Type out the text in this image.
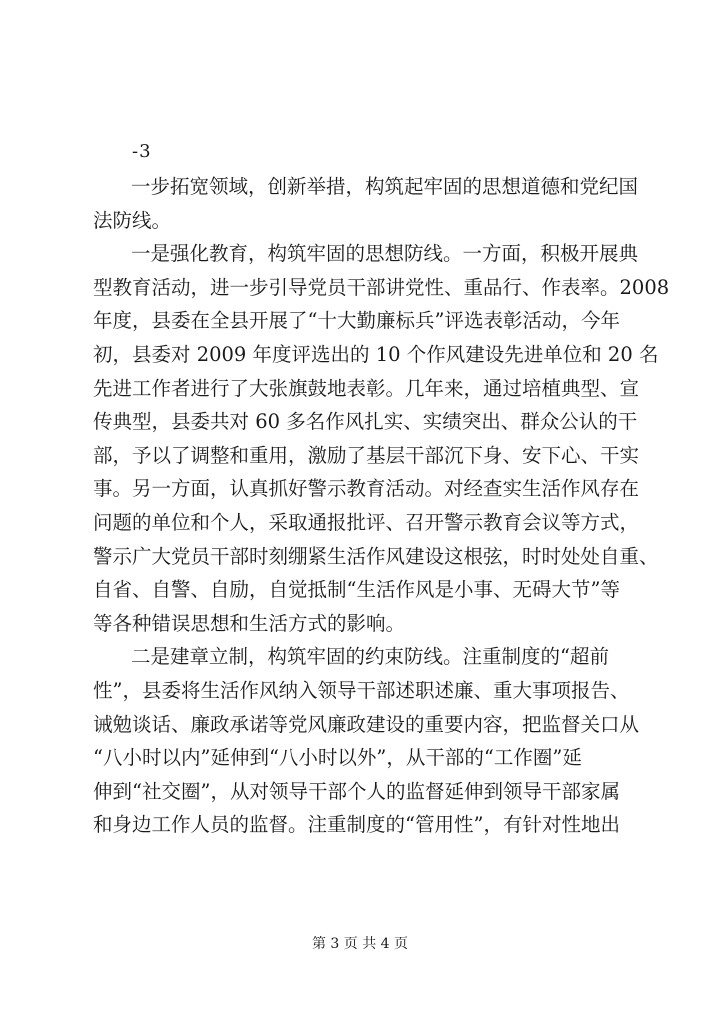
-3
一步拓宽领域，创新举措，构筑起牢固的思想道德和党纪国
法防线。
一是强化教育，构筑牢固的思想防线。一方面，积极开展典
型教育活动，进一步引导党员干部讲党性、重品行、作表率。2008
年度，县委在全县开展了“十大勤廉标兵”评选表彰活动，今年
初，县委对 2009 年度评选出的 10 个作风建设先进单位和 20 名
先进工作者进行了大张旗鼓地表彰。几年来，通过培植典型、宣
传典型，县委共对 60 多名作风扎实、实绩突出、群众公认的干
部，予以了调整和重用，激励了基层干部沉下身、安下心、干实
事。另一方面，认真抓好警示教育活动。对经查实生活作风存在
问题的单位和个人，采取通报批评、召开警示教育会议等方式，
警示广大党员干部时刻绷紧生活作风建设这根弦，时时处处自重、
自省、自警、自励，自觉抵制“生活作风是小事、无碍大节”等
等各种错误思想和生活方式的影响。
二是建章立制，构筑牢固的约束防线。注重制度的“超前
性”，县委将生活作风纳入领导干部述职述廉、重大事项报告、
诫勉谈话、廉政承诺等党风廉政建设的重要内容，把监督关口从
“八小时以内”延伸到“八小时以外”，从干部的“工作圈”延
伸到“社交圈”，从对领导干部个人的监督延伸到领导干部家属
和身边工作人员的监督。注重制度的“管用性”，有针对性地出
第 3 页 共 4 页
